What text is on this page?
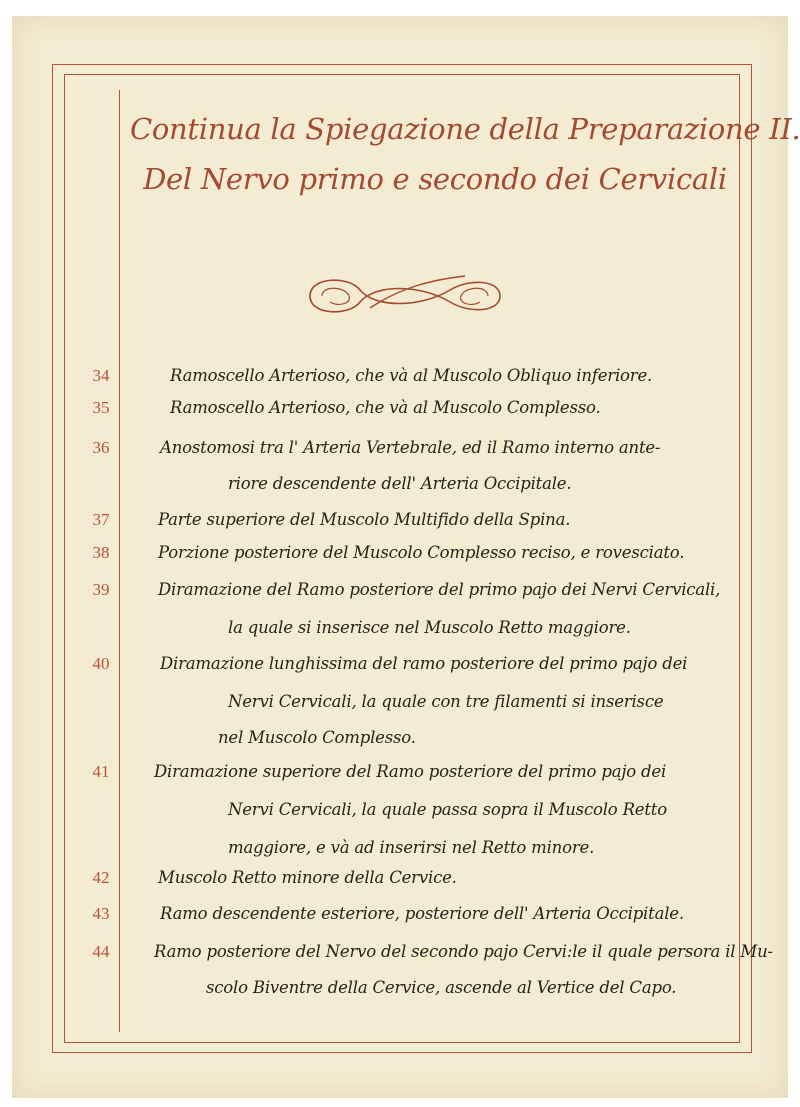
Continua la Spiegazione della Preparazione II.
Del Nervo primo e secondo dei Cervicali
34	Ramoscello Arterioso, che và al Muscolo Obliquo inferiore.
35	Ramoscello Arterioso, che và al Muscolo Complesso.
36	Anostomosi tra l' Arteria Vertebrale, ed il Ramo interno ante-
riore descendente dell' Arteria Occipitale.
37	Parte superiore del Muscolo Multifido della Spina.
38	Porzione posteriore del Muscolo Complesso reciso, e rovesciato.
39	Diramazione del Ramo posteriore del primo pajo dei Nervi Cervicali,
la quale si inserisce nel Muscolo Retto maggiore.
40	Diramazione lunghissima del ramo posteriore del primo pajo dei
Nervi Cervicali, la quale con tre filamenti si inserisce
nel Muscolo Complesso.
41	Diramazione superiore del Ramo posteriore del primo pajo dei
Nervi Cervicali, la quale passa sopra il Muscolo Retto
maggiore, e và ad inserirsi nel Retto minore.
42	Muscolo Retto minore della Cervice.
43	Ramo descendente esteriore, posteriore dell' Arteria Occipitale.
44	Ramo posteriore del Nervo del secondo pajo Cervi:le il quale persora il Mu-
scolo Biventre della Cervice, ascende al Vertice del Capo.
